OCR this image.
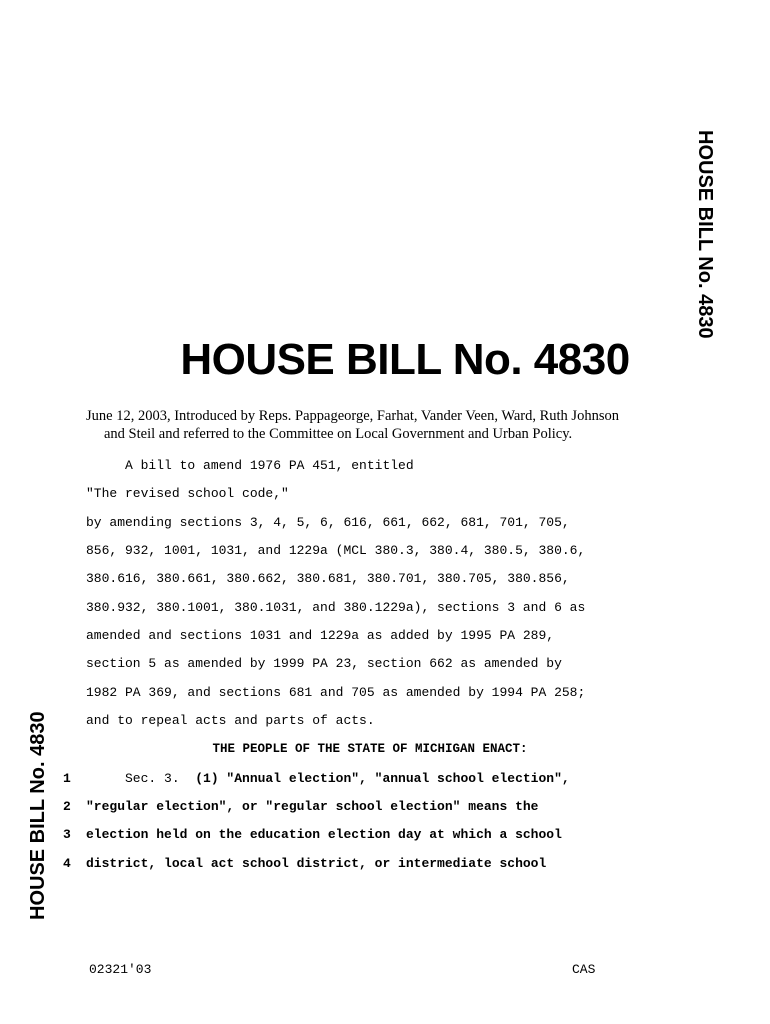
HOUSE BILL No. 4830
HOUSE BILL No. 4830
HOUSE BILL No. 4830
June 12, 2003, Introduced by Reps. Pappageorge, Farhat, Vander Veen, Ward, Ruth Johnson
and Steil and referred to the Committee on Local Government and Urban Policy.
A bill to amend 1976 PA 451, entitled
"The revised school code,"
by amending sections 3, 4, 5, 6, 616, 661, 662, 681, 701, 705,
856, 932, 1001, 1031, and 1229a (MCL 380.3, 380.4, 380.5, 380.6,
380.616, 380.661, 380.662, 380.681, 380.701, 380.705, 380.856,
380.932, 380.1001, 380.1031, and 380.1229a), sections 3 and 6 as
amended and sections 1031 and 1229a as added by 1995 PA 289,
section 5 as amended by 1999 PA 23, section 662 as amended by
1982 PA 369, and sections 681 and 705 as amended by 1994 PA 258;
and to repeal acts and parts of acts.
THE PEOPLE OF THE STATE OF MICHIGAN ENACT:
1 Sec. 3.  (1) "Annual election", "annual school election",
2 "regular election", or "regular school election" means the
3 election held on the education election day at which a school
4 district, local act school district, or intermediate school
02321'03	CAS
